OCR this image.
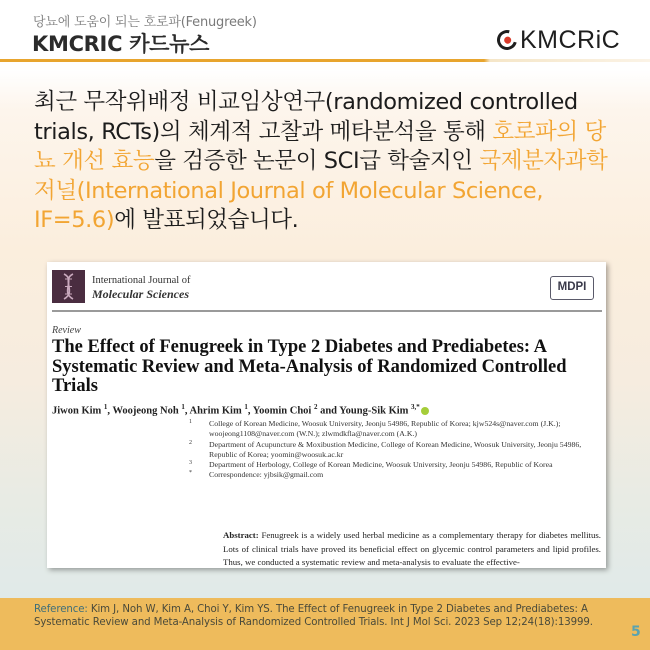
당뇨에 도움이 되는 호로파(Fenugreek)
KMCRIC 카드뉴스	KMCRiC
최근 무작위배정 비교임상연구(randomized controlled trials, RCTs)의 체계적 고찰과 메타분석을 통해 호로파의 당뇨 개선 효능을 검증한 논문이 SCI급 학술지인 국제분자과학저널(International Journal of Molecular Science, IF=5.6)에 발표되었습니다.
International Journal of
Molecular Sciences	MDPI
Review
The Effect of Fenugreek in Type 2 Diabetes and Prediabetes: A Systematic Review and Meta-Analysis of Randomized Controlled Trials
Jiwon Kim $^1$, Woojeong Noh $^1$, Ahrim Kim $^1$, Yoomin Choi $^2$ and Young-Sik Kim $^{3,*}$
1 College of Korean Medicine, Woosuk University, Jeonju 54986, Republic of Korea; kjw524s@naver.com (J.K.); woojeong1108@naver.com (W.N.); zlwmdkfla@naver.com (A.K.)
2 Department of Acupuncture & Moxibustion Medicine, College of Korean Medicine, Woosuk University, Jeonju 54986, Republic of Korea; yoomin@woosuk.ac.kr
3 Department of Herbology, College of Korean Medicine, Woosuk University, Jeonju 54986, Republic of Korea
* Correspondence: yjbsik@gmail.com
Abstract: Fenugreek is a widely used herbal medicine as a complementary therapy for diabetes mellitus. Lots of clinical trials have proved its beneficial effect on glycemic control parameters and lipid profiles. Thus, we conducted a systematic review and meta-analysis to evaluate the effective-
Reference: Kim J, Noh W, Kim A, Choi Y, Kim YS. The Effect of Fenugreek in Type 2 Diabetes and Prediabetes: A Systematic Review and Meta-Analysis of Randomized Controlled Trials. Int J Mol Sci. 2023 Sep 12;24(18):13999.
5
